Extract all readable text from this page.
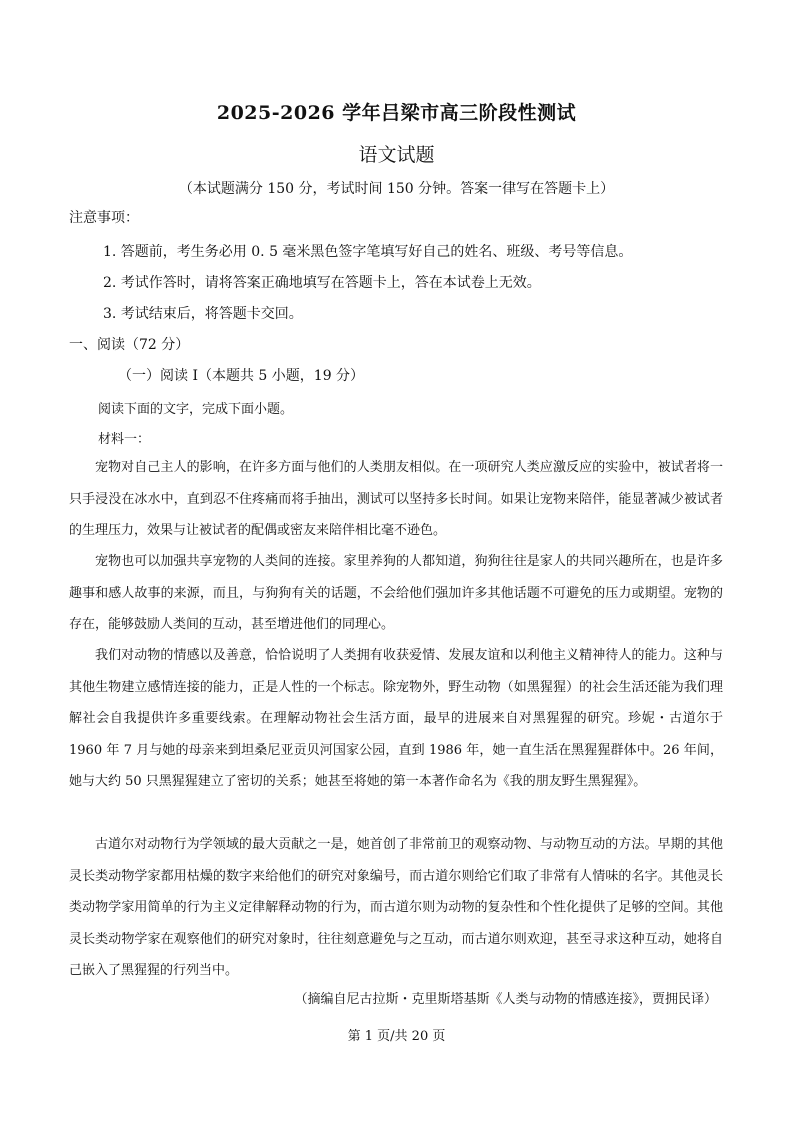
2025-2026 学年吕梁市高三阶段性测试
语文试题
（本试题满分 150 分，考试时间 150 分钟。答案一律写在答题卡上）
注意事项：
1. 答题前，考生务必用 0. 5 毫米黑色签字笔填写好自己的姓名、班级、考号等信息。
2. 考试作答时，请将答案正确地填写在答题卡上，答在本试卷上无效。
3. 考试结束后，将答题卡交回。
一、阅读（72 分）
（一）阅读 I（本题共 5 小题，19 分）
阅读下面的文字，完成下面小题。
材料一：

宠物对自己主人的影响，在许多方面与他们的人类朋友相似。在一项研究人类应激反应的实验中，被试者将一只手浸没在冰水中，直到忍不住疼痛而将手抽出，测试可以坚持多长时间。如果让宠物来陪伴，能显著减少被试者的生理压力，效果与让被试者的配偶或密友来陪伴相比毫不逊色。

宠物也可以加强共享宠物的人类间的连接。家里养狗的人都知道，狗狗往往是家人的共同兴趣所在，也是许多趣事和感人故事的来源，而且，与狗狗有关的话题，不会给他们强加许多其他话题不可避免的压力或期望。宠物的存在，能够鼓励人类间的互动，甚至增进他们的同理心。

我们对动物的情感以及善意，恰恰说明了人类拥有收获爱情、发展友谊和以利他主义精神待人的能力。这种与其他生物建立感情连接的能力，正是人性的一个标志。除宠物外，野生动物（如黑猩猩）的社会生活还能为我们理解社会自我提供许多重要线索。在理解动物社会生活方面，最早的进展来自对黑猩猩的研究。珍妮・古道尔于 1960 年 7 月与她的母亲来到坦桑尼亚贡贝河国家公园，直到 1986 年，她一直生活在黑猩猩群体中。26 年间，她与大约 50 只黑猩猩建立了密切的关系；她甚至将她的第一本著作命名为《我的朋友野生黑猩猩》。

古道尔对动物行为学领域的最大贡献之一是，她首创了非常前卫的观察动物、与动物互动的方法。早期的其他灵长类动物学家都用枯燥的数字来给他们的研究对象编号，而古道尔则给它们取了非常有人情味的名字。其他灵长类动物学家用简单的行为主义定律解释动物的行为，而古道尔则为动物的复杂性和个性化提供了足够的空间。其他灵长类动物学家在观察他们的研究对象时，往往刻意避免与之互动，而古道尔则欢迎，甚至寻求这种互动，她将自己嵌入了黑猩猩的行列当中。

（摘编自尼古拉斯・克里斯塔基斯《人类与动物的情感连接》，贾拥民译）
第 1 页/共 20 页
